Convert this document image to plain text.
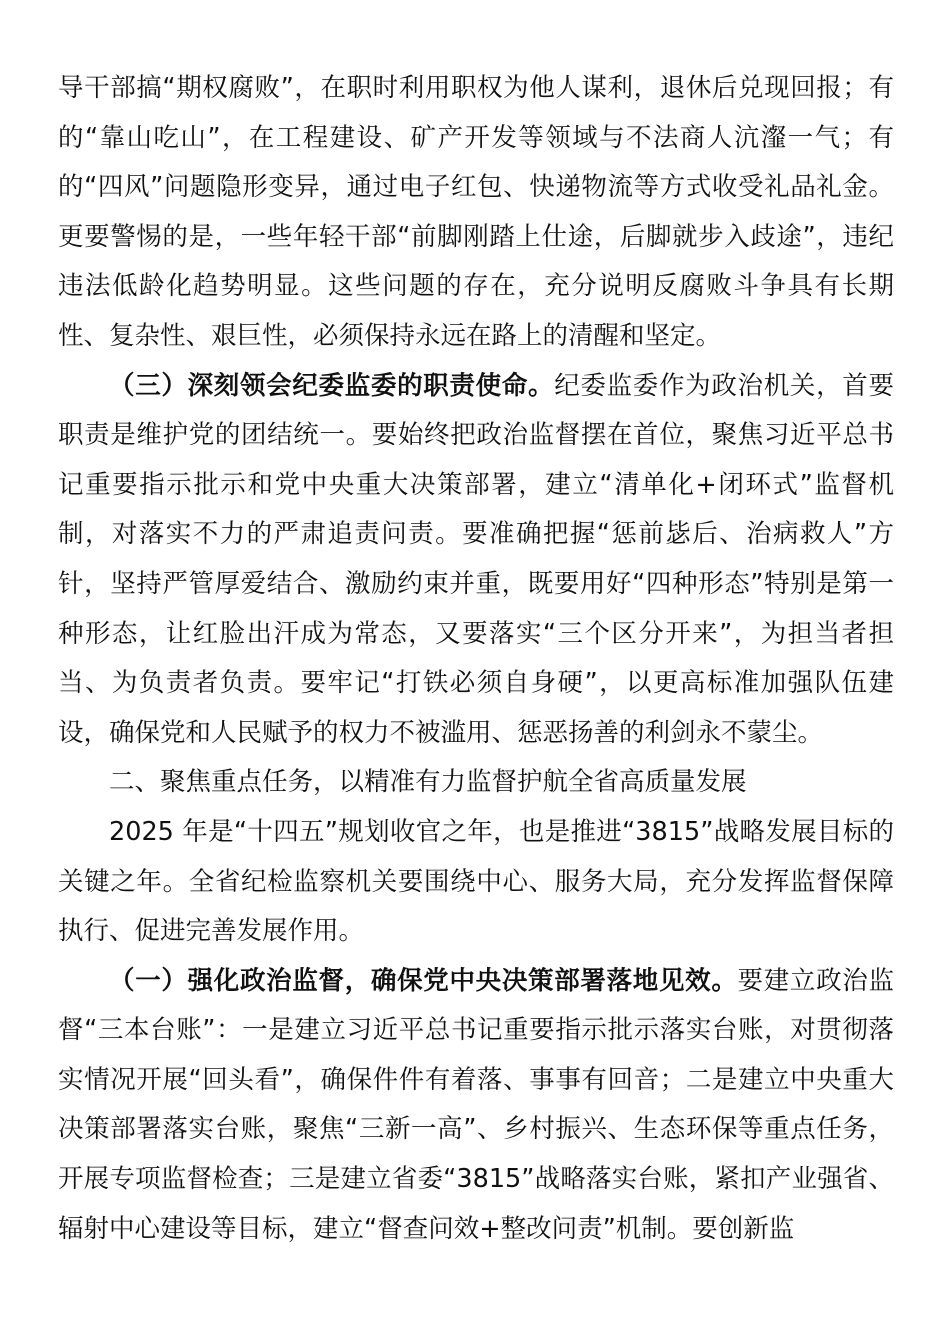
导干部搞“期权腐败”，在职时利用职权为他人谋利，退休后兑现回报；有的“靠山吃山”，在工程建设、矿产开发等领域与不法商人沆瀣一气；有的“四风”问题隐形变异，通过电子红包、快递物流等方式收受礼品礼金。更要警惕的是，一些年轻干部“前脚刚踏上仕途，后脚就步入歧途”，违纪违法低龄化趋势明显。这些问题的存在，充分说明反腐败斗争具有长期性、复杂性、艰巨性，必须保持永远在路上的清醒和坚定。

（三）深刻领会纪委监委的职责使命。纪委监委作为政治机关，首要职责是维护党的团结统一。要始终把政治监督摆在首位，聚焦习近平总书记重要指示批示和党中央重大决策部署，建立“清单化+闭环式”监督机制，对落实不力的严肃追责问责。要准确把握“惩前毖后、治病救人”方针，坚持严管厚爱结合、激励约束并重，既要用好“四种形态”特别是第一种形态，让红脸出汗成为常态，又要落实“三个区分开来”，为担当者担当、为负责者负责。要牢记“打铁必须自身硬”，以更高标准加强队伍建设，确保党和人民赋予的权力不被滥用、惩恶扬善的利剑永不蒙尘。

二、聚焦重点任务，以精准有力监督护航全省高质量发展

2025 年是“十四五”规划收官之年，也是推进“3815”战略发展目标的关键之年。全省纪检监察机关要围绕中心、服务大局，充分发挥监督保障执行、促进完善发展作用。

（一）强化政治监督，确保党中央决策部署落地见效。要建立政治监督“三本台账”：一是建立习近平总书记重要指示批示落实台账，对贯彻落实情况开展“回头看”，确保件件有着落、事事有回音；二是建立中央重大决策部署落实台账，聚焦“三新一高”、乡村振兴、生态环保等重点任务，开展专项监督检查；三是建立省委“3815”战略落实台账，紧扣产业强省、辐射中心建设等目标，建立“督查问效+整改问责”机制。要创新监
